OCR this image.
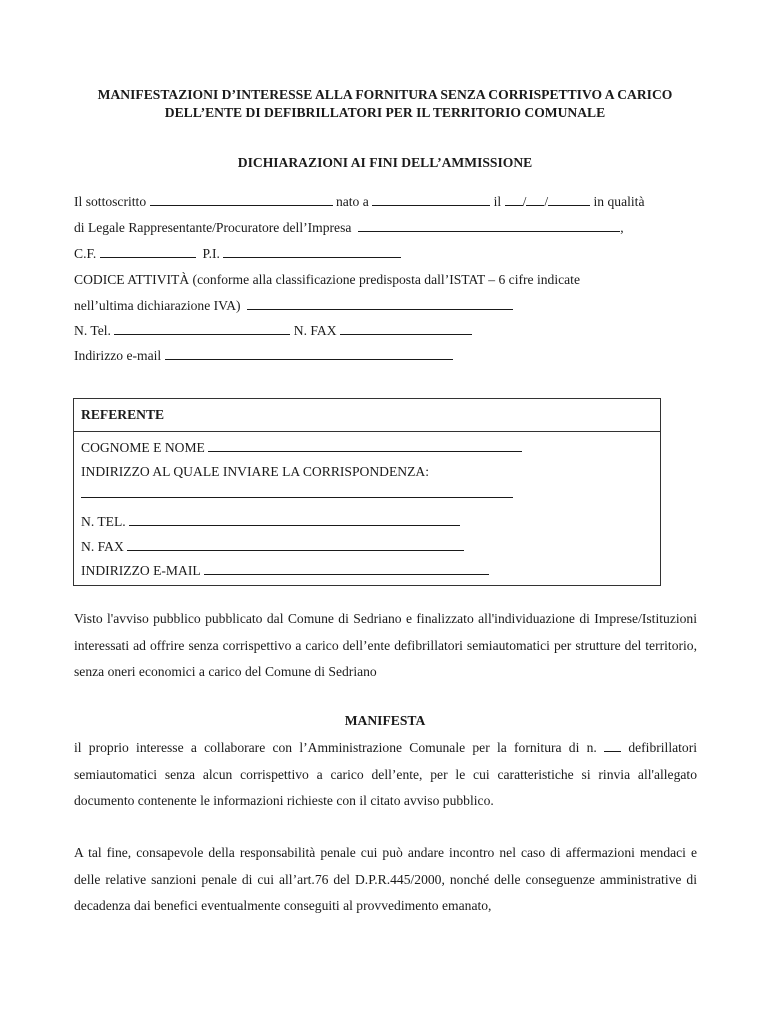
MANIFESTAZIONI D’INTERESSE ALLA FORNITURA SENZA CORRISPETTIVO A CARICO
DELL’ENTE DI DEFIBRILLATORI PER IL TERRITORIO COMUNALE
DICHIARAZIONI AI FINI DELL’AMMISSIONE
Il sottoscritto	nato a	il / /	in qualità
di Legale Rappresentante/Procuratore dell’Impresa	,
C.F.	P.I.
CODICE ATTIVITÀ (conforme alla classificazione predisposta dall’ISTAT – 6 cifre indicate
nell’ultima dichiarazione IVA)
N. Tel.	N. FAX
Indirizzo e-mail
REFERENTE
COGNOME E NOME
INDIRIZZO AL QUALE INVIARE LA CORRISPONDENZA:
N. TEL.
N. FAX
INDIRIZZO E-MAIL
Visto l'avviso pubblico pubblicato dal Comune di Sedriano e finalizzato all'individuazione di Imprese/Istituzioni interessati ad offrire senza corrispettivo a carico dell’ente defibrillatori semiautomatici per strutture del territorio, senza oneri economici a carico del Comune di Sedriano
MANIFESTA
il proprio interesse a collaborare con l’Amministrazione Comunale per la fornitura di n. defibrillatori semiautomatici senza alcun corrispettivo a carico dell’ente, per le cui caratteristiche si rinvia all'allegato documento contenente le informazioni richieste con il citato avviso pubblico.
A tal fine, consapevole della responsabilità penale cui può andare incontro nel caso di affermazioni mendaci e delle relative sanzioni penale di cui all’art.76 del D.P.R.445/2000, nonché delle conseguenze amministrative di decadenza dai benefici eventualmente conseguiti al provvedimento emanato,
